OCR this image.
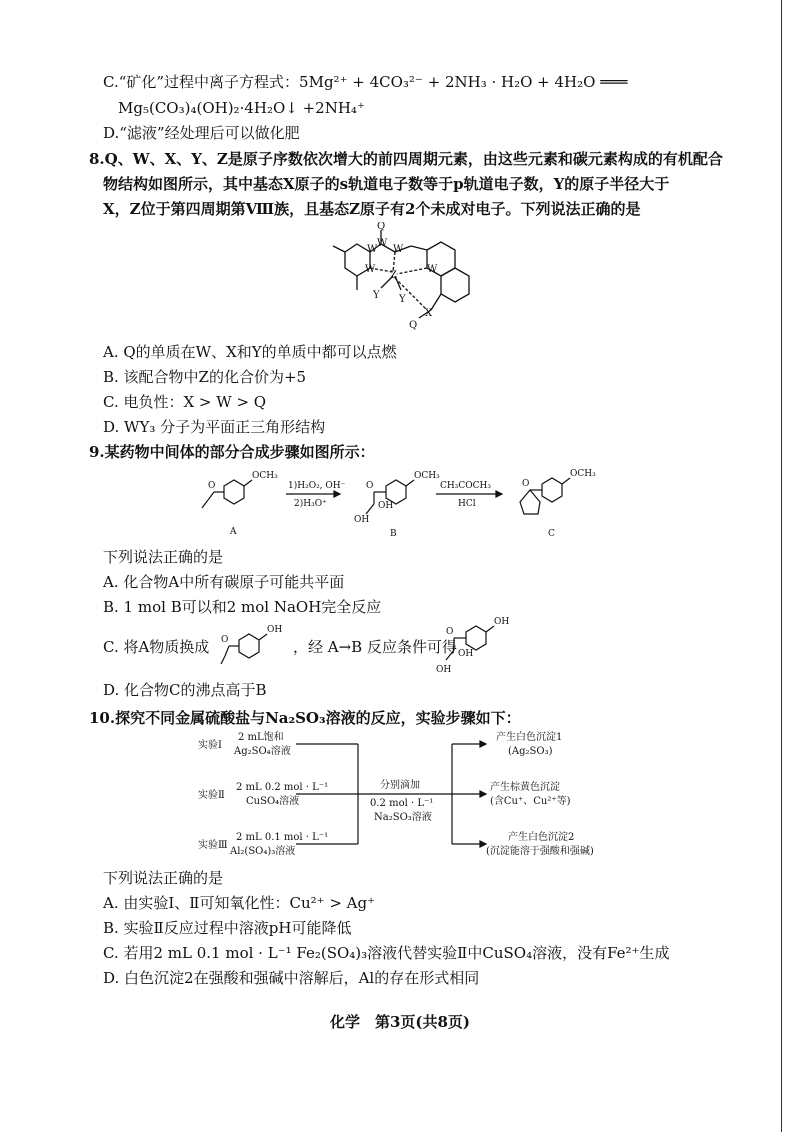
C.“矿化”过程中离子方程式：5Mg²⁺ + 4CO₃²⁻ + 2NH₃ · H₂O + 4H₂O ═══
Mg₅(CO₃)₄(OH)₂·4H₂O↓ +2NH₄⁺
D.“滤液”经处理后可以做化肥
8.Q、W、X、Y、Z是原子序数依次增大的前四周期元素，由这些元素和碳元素构成的有机配合
物结构如图所示，其中基态X原子的s轨道电子数等于p轨道电子数，Y的原子半径大于
X，Z位于第四周期第Ⅷ族，且基态Z原子有2个未成对电子。下列说法正确的是
Q
W
W
W
W	W
Z
Y Y
X
Q
A. Q的单质在W、X和Y的单质中都可以点燃
B. 该配合物中Z的化合价为+5
C. 电负性：X > W > Q
D. WY₃ 分子为平面正三角形结构
9.某药物中间体的部分合成步骤如图所示：
OCH₃
O
A
1)H₂O₂, OH⁻
2)H₃O⁺
OCH₃
O
OH
OH
B
CH₃COCH₃
HCl
OCH₃
O
C
下列说法正确的是
A. 化合物A中所有碳原子可能共平面
B. 1 mol B可以和2 mol NaOH完全反应
C. 将A物质换成
OH
O	，经 A→B 反应条件可得
OH
O
OH
OH
D. 化合物C的沸点高于B
10.探究不同金属硫酸盐与Na₂SO₃溶液的反应，实验步骤如下：
实验Ⅰ
2 mL饱和
Ag₂SO₄溶液
实验Ⅱ
2 mL 0.2 mol · L⁻¹
CuSO₄溶液
实验Ⅲ
2 mL 0.1 mol · L⁻¹
Al₂(SO₄)₃溶液
分别滴加
0.2 mol · L⁻¹
Na₂SO₃溶液
产生白色沉淀1
(Ag₂SO₃)
产生棕黄色沉淀
(含Cu⁺、Cu²⁺等)
产生白色沉淀2
(沉淀能溶于强酸和强碱)
下列说法正确的是
A. 由实验Ⅰ、Ⅱ可知氧化性：Cu²⁺ > Ag⁺
B. 实验Ⅱ反应过程中溶液pH可能降低
C. 若用2 mL 0.1 mol · L⁻¹ Fe₂(SO₄)₃溶液代替实验Ⅱ中CuSO₄溶液，没有Fe²⁺生成
D. 白色沉淀2在强酸和强碱中溶解后，Al的存在形式相同
化学　第3页(共8页)
